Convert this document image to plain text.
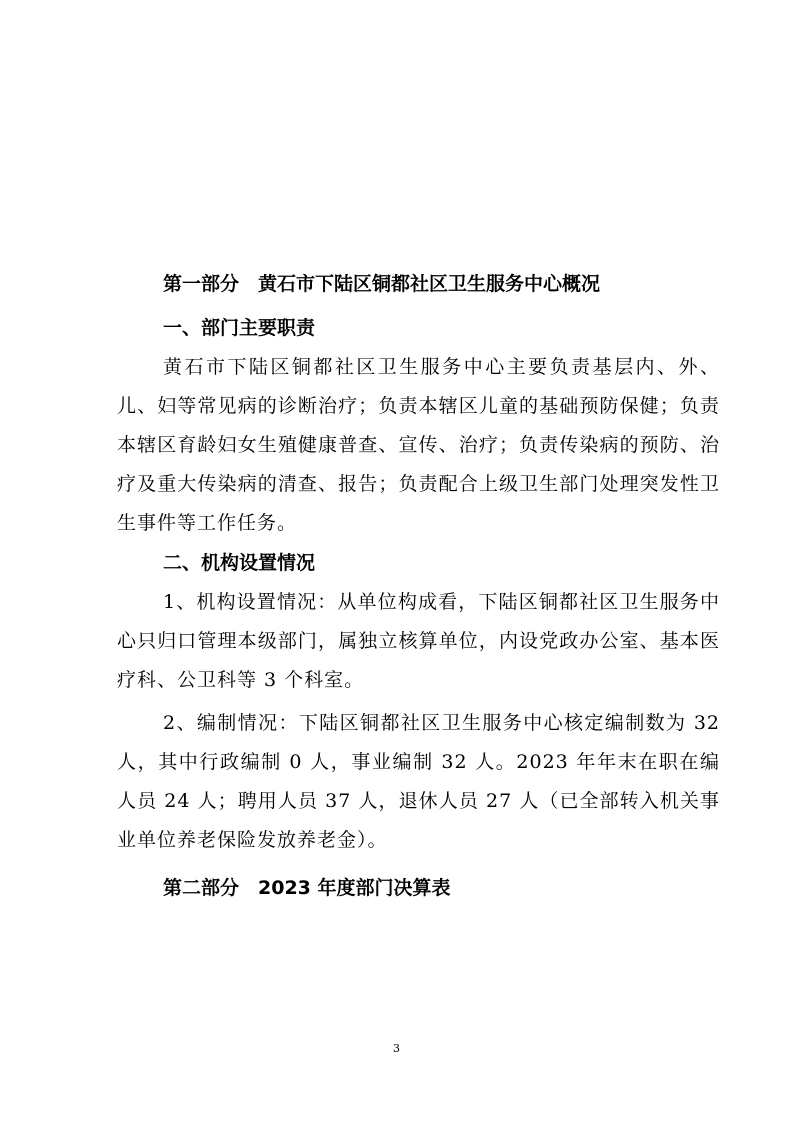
第一部分　黄石市下陆区铜都社区卫生服务中心概况
一、部门主要职责

黄石市下陆区铜都社区卫生服务中心主要负责基层内、外、儿、妇等常见病的诊断治疗；负责本辖区儿童的基础预防保健；负责本辖区育龄妇女生殖健康普查、宣传、治疗；负责传染病的预防、治疗及重大传染病的清查、报告；负责配合上级卫生部门处理突发性卫生事件等工作任务。

二、机构设置情况

1、机构设置情况：从单位构成看，下陆区铜都社区卫生服务中心只归口管理本级部门，属独立核算单位，内设党政办公室、基本医疗科、公卫科等 3 个科室。

2、编制情况：下陆区铜都社区卫生服务中心核定编制数为 32 人，其中行政编制 0 人，事业编制 32 人。2023 年年末在职在编人员 24 人；聘用人员 37 人，退休人员 27 人（已全部转入机关事业单位养老保险发放养老金）。

第二部分　2023 年度部门决算表
3
